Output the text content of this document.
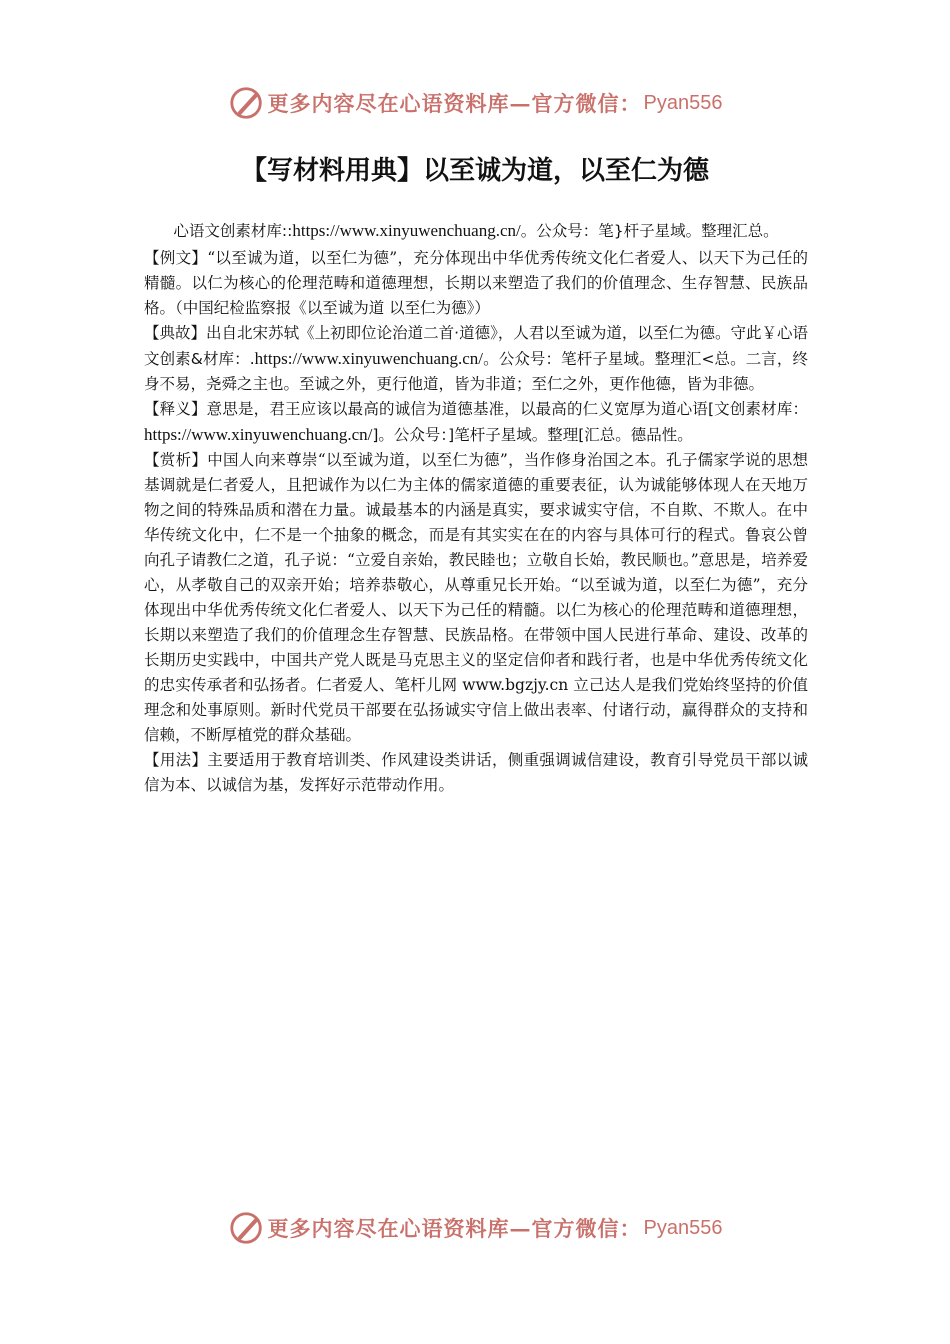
更多内容尽在心语资料库—官方微信： Pyan556
【写材料用典】以至诚为道，以至仁为德

心语文创素材库::https://www.xinyuwenchuang.cn/。公众号：笔}杆子星域。整理汇总。

【例文】“以至诚为道，以至仁为德”，充分体现出中华优秀传统文化仁者爱人、以天下为己任的精髓。以仁为核心的伦理范畴和道德理想，长期以来塑造了我们的价值理念、生存智慧、民族品格。（中国纪检监察报《以至诚为道 以至仁为德》）

【典故】出自北宋苏轼《上初即位论治道二首·道德》，人君以至诚为道，以至仁为德。守此￥心语文创素&材库：.https://www.xinyuwenchuang.cn/。公众号：笔杆子星域。整理汇<总。二言，终身不易，尧舜之主也。至诚之外，更行他道，皆为非道；至仁之外，更作他德，皆为非德。

【释义】意思是，君王应该以最高的诚信为道德基准，以最高的仁义宽厚为道心语[文创素材库：https://www.xinyuwenchuang.cn/]。公众号：]笔杆子星域。整理[汇总。德品性。

【赏析】中国人向来尊崇“以至诚为道，以至仁为德”，当作修身治国之本。孔子儒家学说的思想基调就是仁者爱人，且把诚作为以仁为主体的儒家道德的重要表征，认为诚能够体现人在天地万物之间的特殊品质和潜在力量。诚最基本的内涵是真实，要求诚实守信，不自欺、不欺人。在中华传统文化中，仁不是一个抽象的概念，而是有其实实在在的内容与具体可行的程式。鲁哀公曾向孔子请教仁之道，孔子说：“立爱自亲始，教民睦也；立敬自长始，教民顺也。”意思是，培养爱心，从孝敬自己的双亲开始；培养恭敬心，从尊重兄长开始。“以至诚为道，以至仁为德”，充分体现出中华优秀传统文化仁者爱人、以天下为己任的精髓。以仁为核心的伦理范畴和道德理想，长期以来塑造了我们的价值理念生存智慧、民族品格。在带领中国人民进行革命、建设、改革的长期历史实践中，中国共产党人既是马克思主义的坚定信仰者和践行者，也是中华优秀传统文化的忠实传承者和弘扬者。仁者爱人、笔杆儿网 www.bgzjy.cn 立己达人是我们党始终坚持的价值理念和处事原则。新时代党员干部要在弘扬诚实守信上做出表率、付诸行动，赢得群众的支持和信赖，不断厚植党的群众基础。

【用法】主要适用于教育培训类、作风建设类讲话，侧重强调诚信建设，教育引导党员干部以诚信为本、以诚信为基，发挥好示范带动作用。

更多内容尽在心语资料库—官方微信： Pyan556
